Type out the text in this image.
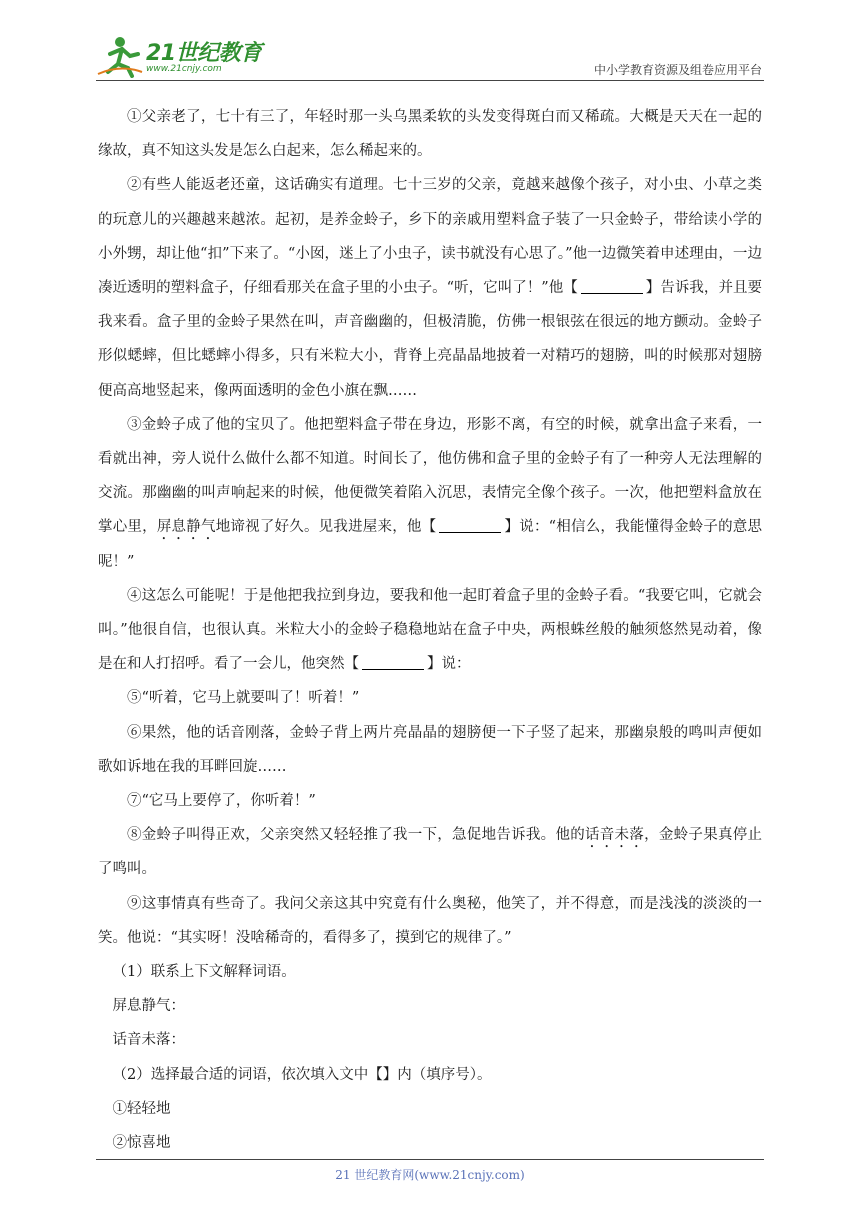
21世纪教育
www.21cnjy.com	中小学教育资源及组卷应用平台

①父亲老了，七十有三了，年轻时那一头乌黑柔软的头发变得斑白而又稀疏。大概是天天在一起的缘故，真不知这头发是怎么白起来，怎么稀起来的。

②有些人能返老还童，这话确实有道理。七十三岁的父亲，竟越来越像个孩子，对小虫、小草之类的玩意儿的兴趣越来越浓。起初，是养金蛉子，乡下的亲戚用塑料盒子装了一只金蛉子，带给读小学的小外甥，却让他“扣”下来了。“小囡，迷上了小虫子，读书就没有心思了。”他一边微笑着申述理由，一边凑近透明的塑料盒子，仔细看那关在盒子里的小虫子。“听，它叫了！”他【	】告诉我，并且要我来看。盒子里的金蛉子果然在叫，声音幽幽的，但极清脆，仿佛一根银弦在很远的地方颤动。金蛉子形似蟋蟀，但比蟋蟀小得多，只有米粒大小，背脊上亮晶晶地披着一对精巧的翅膀，叫的时候那对翅膀便高高地竖起来，像两面透明的金色小旗在飘……

③金蛉子成了他的宝贝了。他把塑料盒子带在身边，形影不离，有空的时候，就拿出盒子来看，一看就出神，旁人说什么做什么都不知道。时间长了，他仿佛和盒子里的金蛉子有了一种旁人无法理解的交流。那幽幽的叫声响起来的时候，他便微笑着陷入沉思，表情完全像个孩子。一次，他把塑料盒放在掌心里，屏息静气地谛视了好久。见我进屋来，他【	】说：“相信么，我能懂得金蛉子的意思呢！”

④这怎么可能呢！于是他把我拉到身边，要我和他一起盯着盒子里的金蛉子看。“我要它叫，它就会叫。”他很自信，也很认真。米粒大小的金蛉子稳稳地站在盒子中央，两根蛛丝般的触须悠然晃动着，像是在和人打招呼。看了一会儿，他突然【	】说：

⑤“听着，它马上就要叫了！听着！”

⑥果然，他的话音刚落，金蛉子背上两片亮晶晶的翅膀便一下子竖了起来，那幽泉般的鸣叫声便如歌如诉地在我的耳畔回旋……

⑦“它马上要停了，你听着！”

⑧金蛉子叫得正欢，父亲突然又轻轻推了我一下，急促地告诉我。他的话音未落，金蛉子果真停止了鸣叫。

⑨这事情真有些奇了。我问父亲这其中究竟有什么奥秘，他笑了，并不得意，而是浅浅的淡淡的一笑。他说：“其实呀！没啥稀奇的，看得多了，摸到它的规律了。”

（1）联系上下文解释词语。

屏息静气：

话音未落：

（2）选择最合适的词语，依次填入文中【】内（填序号）。

①轻轻地

②惊喜地

21 世纪教育网(www.21cnjy.com)
